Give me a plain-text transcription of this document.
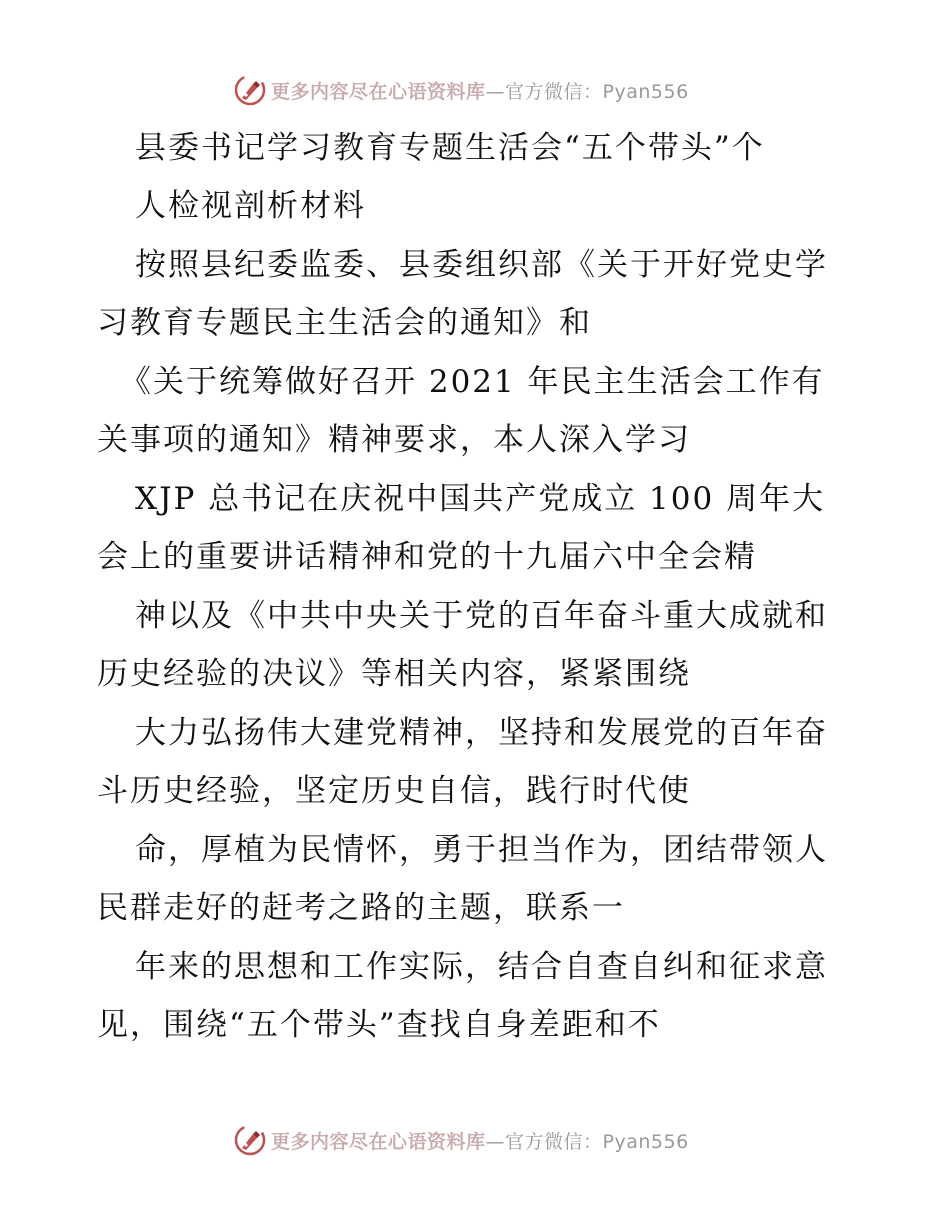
更多内容尽在心语资料库—官方微信：Pyan556
县委书记学习教育专题生活会“五个带头”个
人检视剖析材料
按照县纪委监委、县委组织部《关于开好党史学
习教育专题民主生活会的通知》和
《关于统筹做好召开 2021 年民主生活会工作有
关事项的通知》精神要求，本人深入学习
XJP 总书记在庆祝中国共产党成立 100 周年大
会上的重要讲话精神和党的十九届六中全会精
神以及《中共中央关于党的百年奋斗重大成就和
历史经验的决议》等相关内容，紧紧围绕
大力弘扬伟大建党精神，坚持和发展党的百年奋
斗历史经验，坚定历史自信，践行时代使
命，厚植为民情怀，勇于担当作为，团结带领人
民群走好的赶考之路的主题，联系一
年来的思想和工作实际，结合自查自纠和征求意
见，围绕“五个带头”查找自身差距和不
更多内容尽在心语资料库—官方微信：Pyan556
